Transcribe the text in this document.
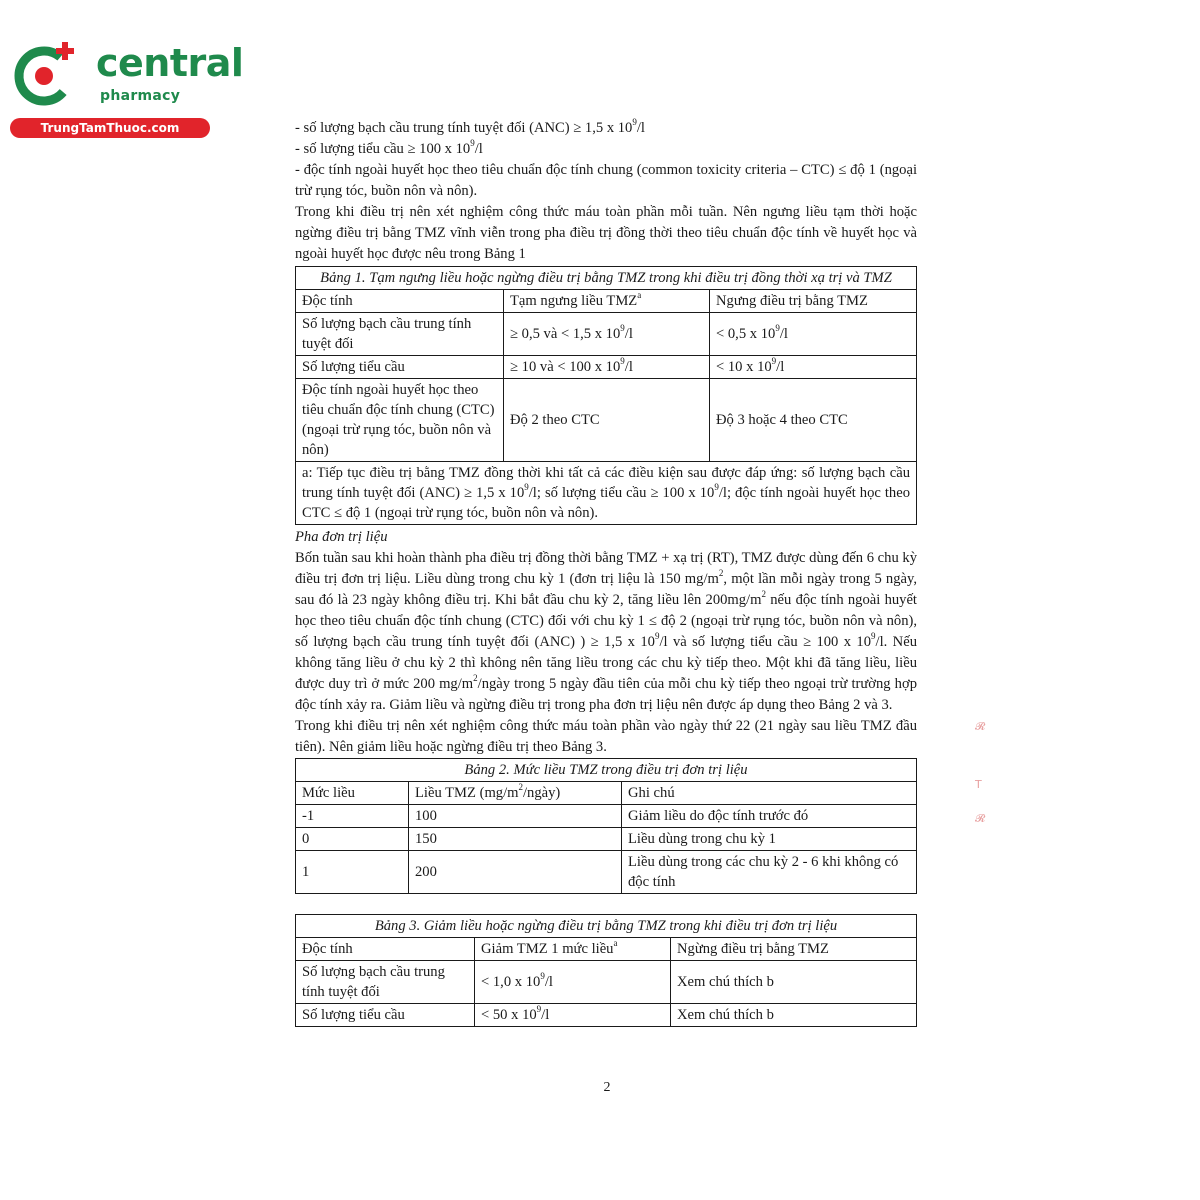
central
pharmacy
TrungTamThuoc.com
𝓡
T
𝓡

- số lượng bạch cầu trung tính tuyệt đối (ANC) ≥ 1,5 x $10^9/l$

- số lượng tiểu cầu ≥ 100 x $10^9/l$

- độc tính ngoài huyết học theo tiêu chuẩn độc tính chung (common toxicity criteria – CTC) ≤ độ 1 (ngoại trừ rụng tóc, buồn nôn và nôn).

Trong khi điều trị nên xét nghiệm công thức máu toàn phần mỗi tuần. Nên ngưng liều tạm thời hoặc ngừng điều trị bằng TMZ vĩnh viễn trong pha điều trị đồng thời theo tiêu chuẩn độc tính về huyết học và ngoài huyết học được nêu trong Bảng 1

Bảng 1. Tạm ngưng liều hoặc ngừng điều trị bằng TMZ trong khi điều trị đồng thời xạ trị và TMZ		
Độc tính	Tạm ngưng liều TMZ$^a$	Ngưng điều trị bằng TMZ
Số lượng bạch cầu trung tính tuyệt đối	≥ 0,5 và < 1,5 x $10^9/l$	< 0,5 x $10^9/l$
Số lượng tiểu cầu	≥ 10 và < 100 x $10^9/l$	< 10 x $10^9/l$
Độc tính ngoài huyết học theo tiêu chuẩn độc tính chung (CTC) (ngoại trừ rụng tóc, buồn nôn và nôn)	Độ 2 theo CTC	Độ 3 hoặc 4 theo CTC
a: Tiếp tục điều trị bằng TMZ đồng thời khi tất cả các điều kiện sau được đáp ứng: số lượng bạch cầu trung tính tuyệt đối (ANC) ≥ 1,5 x $10^9/l$; số lượng tiểu cầu ≥ 100 x $10^9/l$; độc tính ngoài huyết học theo CTC ≤ độ 1 (ngoại trừ rụng tóc, buồn nôn và nôn).		

Pha đơn trị liệu

Bốn tuần sau khi hoàn thành pha điều trị đồng thời bằng TMZ + xạ trị (RT), TMZ được dùng đến 6 chu kỳ điều trị đơn trị liệu. Liều dùng trong chu kỳ 1 (đơn trị liệu là 150 $mg/m^2$, một lần mỗi ngày trong 5 ngày, sau đó là 23 ngày không điều trị. Khi bắt đầu chu kỳ 2, tăng liều lên $200mg/m^2$ nếu độc tính ngoài huyết học theo tiêu chuẩn độc tính chung (CTC) đối với chu kỳ 1 ≤ độ 2 (ngoại trừ rụng tóc, buồn nôn và nôn), số lượng bạch cầu trung tính tuyệt đối (ANC) ) ≥ 1,5 x $10^9/l$ và số lượng tiểu cầu ≥ 100 x $10^9/l$. Nếu không tăng liều ở chu kỳ 2 thì không nên tăng liều trong các chu kỳ tiếp theo. Một khi đã tăng liều, liều được duy trì ở mức 200 $mg/m^2$/ngày trong 5 ngày đầu tiên của mỗi chu kỳ tiếp theo ngoại trừ trường hợp độc tính xảy ra. Giảm liều và ngừng điều trị trong pha đơn trị liệu nên được áp dụng theo Bảng 2 và 3.

Trong khi điều trị nên xét nghiệm công thức máu toàn phần vào ngày thứ 22 (21 ngày sau liều TMZ đầu tiên). Nên giảm liều hoặc ngừng điều trị theo Bảng 3.

Bảng 2. Mức liều TMZ trong điều trị đơn trị liệu		
Mức liều	Liều TMZ $(mg/m^2/ngày)$	Ghi chú
-1	100	Giảm liều do độc tính trước đó
0	150	Liều dùng trong chu kỳ 1
1	200	Liều dùng trong các chu kỳ 2 - 6 khi không có độc tính
Bảng 3. Giảm liều hoặc ngừng điều trị bằng TMZ trong khi điều trị đơn trị liệu		
Độc tính	Giảm TMZ 1 mức liều$^a$	Ngừng điều trị bằng TMZ
Số lượng bạch cầu trung tính tuyệt đối	< 1,0 x $10^9/l$	Xem chú thích b
Số lượng tiểu cầu	< 50 x $10^9/l$	Xem chú thích b
2
